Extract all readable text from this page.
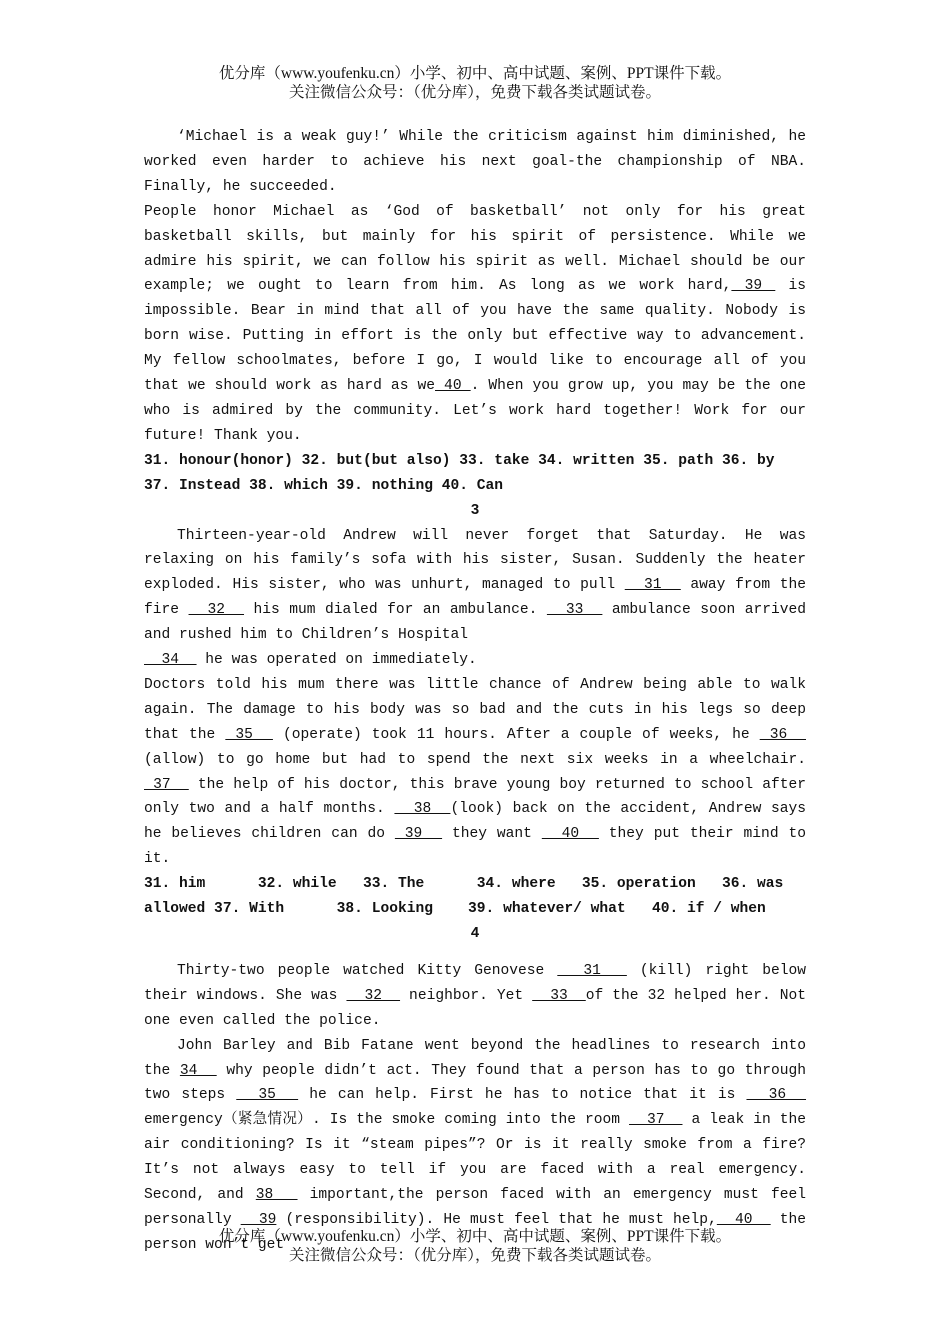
优分库（www.youfenku.cn）小学、初中、高中试题、案例、PPT课件下载。
关注微信公众号：（优分库），免费下载各类试题试卷。

‘Michael is a weak guy!’ While the criticism against him diminished, he worked even harder to achieve his next goal-the championship of NBA. Finally, he succeeded.

People honor Michael as ‘God of basketball’ not only for his great basketball skills, but mainly for his spirit of persistence. While we admire his spirit, we can follow his spirit as well. Michael should be our example; we ought to learn from him. As long as we work hard, 39  is impossible. Bear in mind that all of you have the same quality. Nobody is born wise. Putting in effort is the only but effective way to advancement. My fellow schoolmates, before I go, I would like to encourage all of you that we should work as hard as we 40 . When you grow up, you may be the one who is admired by the community. Let’s work hard together! Work for our future! Thank you.

31. honour(honor) 32. but(but also) 33. take 34. written 35. path 36. by

37. Instead 38. which 39. nothing 40. Can

3

Thirteen-year-old Andrew will never forget that Saturday. He was relaxing on his family’s sofa with his sister, Susan. Suddenly the heater exploded. His sister, who was unhurt, managed to pull   31   away from the fire   32   his mum dialed for an ambulance.   33   ambulance soon arrived and rushed him to Children’s Hospital

34   he was operated on immediately.

Doctors told his mum there was little chance of Andrew being able to walk again. The damage to his body was so bad and the cuts in his legs so deep that the  35   (operate) took 11 hours. After a couple of weeks, he  36   (allow) to go home but had to spend the next six weeks in a wheelchair. 37   the help of his doctor, this brave young boy returned to school after only two and a half months.   38  (look) back on the accident, Andrew says he believes children can do  39   they want   40   they put their mind to it.

31. him      32. while   33. The      34. where   35. operation   36. was

allowed 37. With      38. Looking    39. whatever/ what   40. if / when

4

Thirty-two people watched Kitty Genovese   31   (kill) right below their windows. She was   32   neighbor. Yet   33  of the 32 helped her. Not one even called the police.

John Barley and Bib Fatane went beyond the headlines to research into the 34   why people didn’t act. They found that a person has to go through two steps   35   he can help. First he has to notice that it is   36   emergency（紧急情况）. Is the smoke coming into the room   37   a leak in the air conditioning? Is it “steam pipes”? Or is it really smoke from a fire? It’s not always easy to tell if you are faced with a real emergency. Second, and 38   important,the person faced with an emergency must feel personally   39 (responsibility). He must feel that he must help,  40   the person won’t get

优分库（www.youfenku.cn）小学、初中、高中试题、案例、PPT课件下载。
关注微信公众号：（优分库），免费下载各类试题试卷。
